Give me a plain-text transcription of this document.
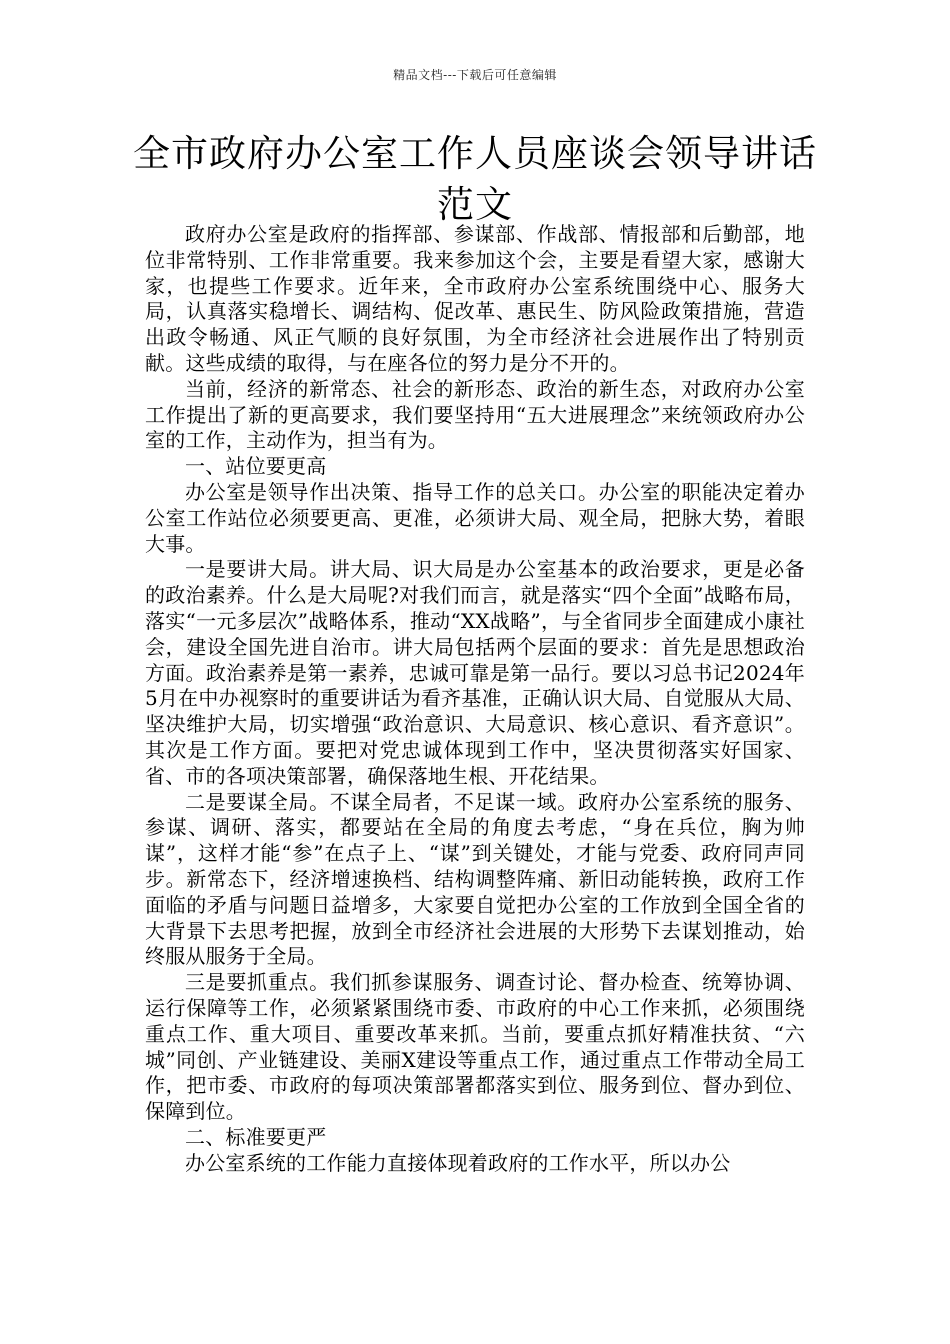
精品文档---下载后可任意编辑
全市政府办公室工作人员座谈会领导讲话范文

政府办公室是政府的指挥部、参谋部、作战部、情报部和后勤部，地位非常特别、工作非常重要。我来参加这个会，主要是看望大家，感谢大家，也提些工作要求。近年来，全市政府办公室系统围绕中心、服务大局，认真落实稳增长、调结构、促改革、惠民生、防风险政策措施，营造出政令畅通、风正气顺的良好氛围，为全市经济社会进展作出了特别贡献。这些成绩的取得，与在座各位的努力是分不开的。

当前，经济的新常态、社会的新形态、政治的新生态，对政府办公室工作提出了新的更高要求，我们要坚持用“五大进展理念”来统领政府办公室的工作，主动作为，担当有为。

一、站位要更高

办公室是领导作出决策、指导工作的总关口。办公室的职能决定着办公室工作站位必须要更高、更准，必须讲大局、观全局，把脉大势，着眼大事。

一是要讲大局。讲大局、识大局是办公室基本的政治要求，更是必备的政治素养。什么是大局呢?对我们而言，就是落实“四个全面”战略布局，落实“一元多层次”战略体系，推动“XX战略”，与全省同步全面建成小康社会，建设全国先进自治市。讲大局包括两个层面的要求：首先是思想政治方面。政治素养是第一素养，忠诚可靠是第一品行。要以习总书记2024年5月在中办视察时的重要讲话为看齐基准，正确认识大局、自觉服从大局、坚决维护大局，切实增强“政治意识、大局意识、核心意识、看齐意识”。其次是工作方面。要把对党忠诚体现到工作中，坚决贯彻落实好国家、省、市的各项决策部署，确保落地生根、开花结果。

二是要谋全局。不谋全局者，不足谋一域。政府办公室系统的服务、参谋、调研、落实，都要站在全局的角度去考虑，“身在兵位，胸为帅谋”，这样才能“参”在点子上、“谋”到关键处，才能与党委、政府同声同步。新常态下，经济增速换档、结构调整阵痛、新旧动能转换，政府工作面临的矛盾与问题日益增多，大家要自觉把办公室的工作放到全国全省的大背景下去思考把握，放到全市经济社会进展的大形势下去谋划推动，始终服从服务于全局。

三是要抓重点。我们抓参谋服务、调查讨论、督办检查、统筹协调、运行保障等工作，必须紧紧围绕市委、市政府的中心工作来抓，必须围绕重点工作、重大项目、重要改革来抓。当前，要重点抓好精准扶贫、“六城”同创、产业链建设、美丽X建设等重点工作，通过重点工作带动全局工作，把市委、市政府的每项决策部署都落实到位、服务到位、督办到位、保障到位。

二、标准要更严

办公室系统的工作能力直接体现着政府的工作水平，所以办公
